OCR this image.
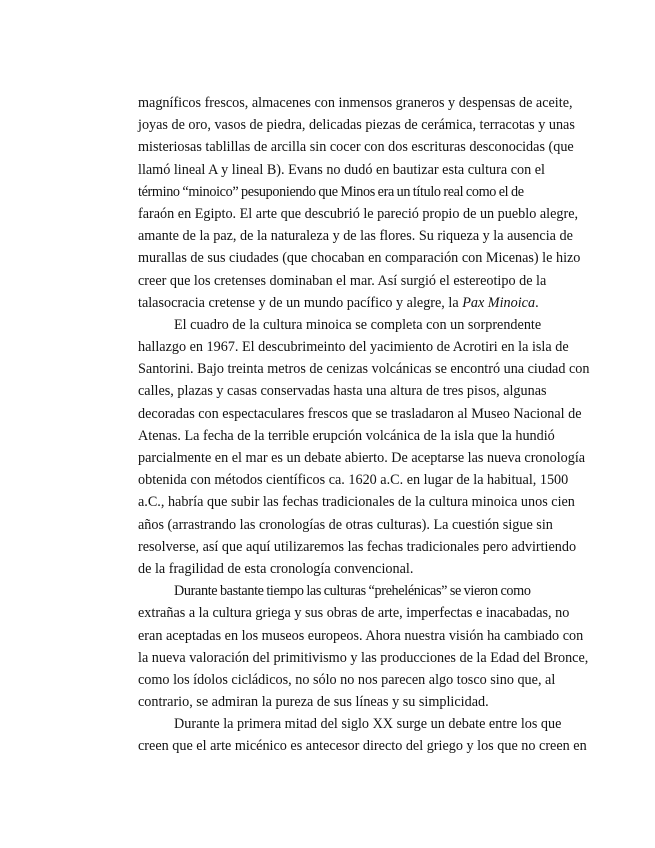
magníficos frescos, almacenes con inmensos graneros y despensas de aceite,
joyas de oro, vasos de piedra, delicadas piezas de cerámica, terracotas y unas
misteriosas tablillas de arcilla sin cocer con dos escrituras desconocidas (que
llamó lineal A y lineal B). Evans no dudó en bautizar esta cultura con el
término “minoico” pesuponiendo que Minos era un título real como el de
faraón en Egipto. El arte que descubrió le pareció propio de un pueblo alegre,
amante de la paz, de la naturaleza y de las flores. Su riqueza y la ausencia de
murallas de sus ciudades (que chocaban en comparación con Micenas) le hizo
creer que los cretenses dominaban el mar. Así surgió el estereotipo de la
talasocracia cretense y de un mundo pacífico y alegre, la Pax Minoica.
El cuadro de la cultura minoica se completa con un sorprendente
hallazgo en 1967. El descubrimeinto del yacimiento de Acrotiri en la isla de
Santorini. Bajo treinta metros de cenizas volcánicas se encontró una ciudad con
calles, plazas y casas conservadas hasta una altura de tres pisos, algunas
decoradas con espectaculares frescos que se trasladaron al Museo Nacional de
Atenas. La fecha de la terrible erupción volcánica de la isla que la hundió
parcialmente en el mar es un debate abierto. De aceptarse las nueva cronología
obtenida con métodos científicos ca. 1620 a.C. en lugar de la habitual, 1500
a.C., habría que subir las fechas tradicionales de la cultura minoica unos cien
años (arrastrando las cronologías de otras culturas). La cuestión sigue sin
resolverse, así que aquí utilizaremos las fechas tradicionales pero advirtiendo
de la fragilidad de esta cronología convencional.
Durante bastante tiempo las culturas “prehelénicas” se vieron como
extrañas a la cultura griega y sus obras de arte, imperfectas e inacabadas, no
eran aceptadas en los museos europeos. Ahora nuestra visión ha cambiado con
la nueva valoración del primitivismo y las producciones de la Edad del Bronce,
como los ídolos cicládicos, no sólo no nos parecen algo tosco sino que, al
contrario, se admiran la pureza de sus líneas y su simplicidad.
Durante la primera mitad del siglo XX surge un debate entre los que
creen que el arte micénico es antecesor directo del griego y los que no creen en
